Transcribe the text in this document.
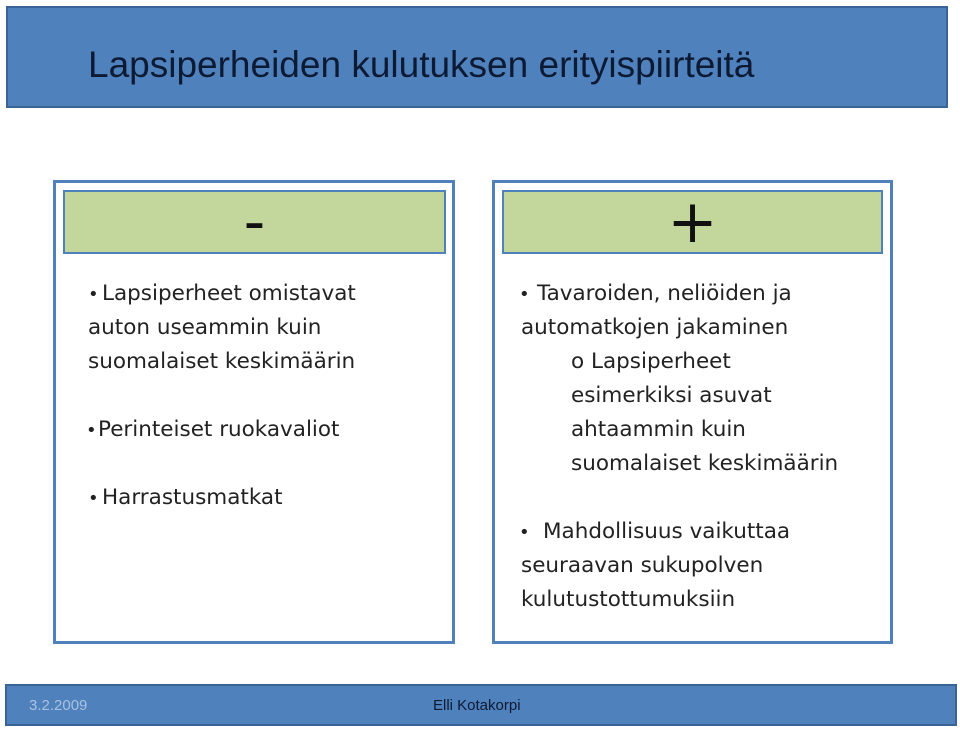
Lapsiperheiden kulutuksen erityispiirteitä
-
• Lapsiperheet omistavat
auton useammin kuin
suomalaiset keskimäärin
•Perinteiset ruokavaliot
• Harrastusmatkat
+
• Tavaroiden, neliöiden ja
automatkojen jakaminen
o Lapsiperheet
esimerkiksi asuvat
ahtaammin kuin
suomalaiset keskimäärin
• Mahdollisuus vaikuttaa
seuraavan sukupolven
kulutustottumuksiin
3.2.2009	Elli Kotakorpi
